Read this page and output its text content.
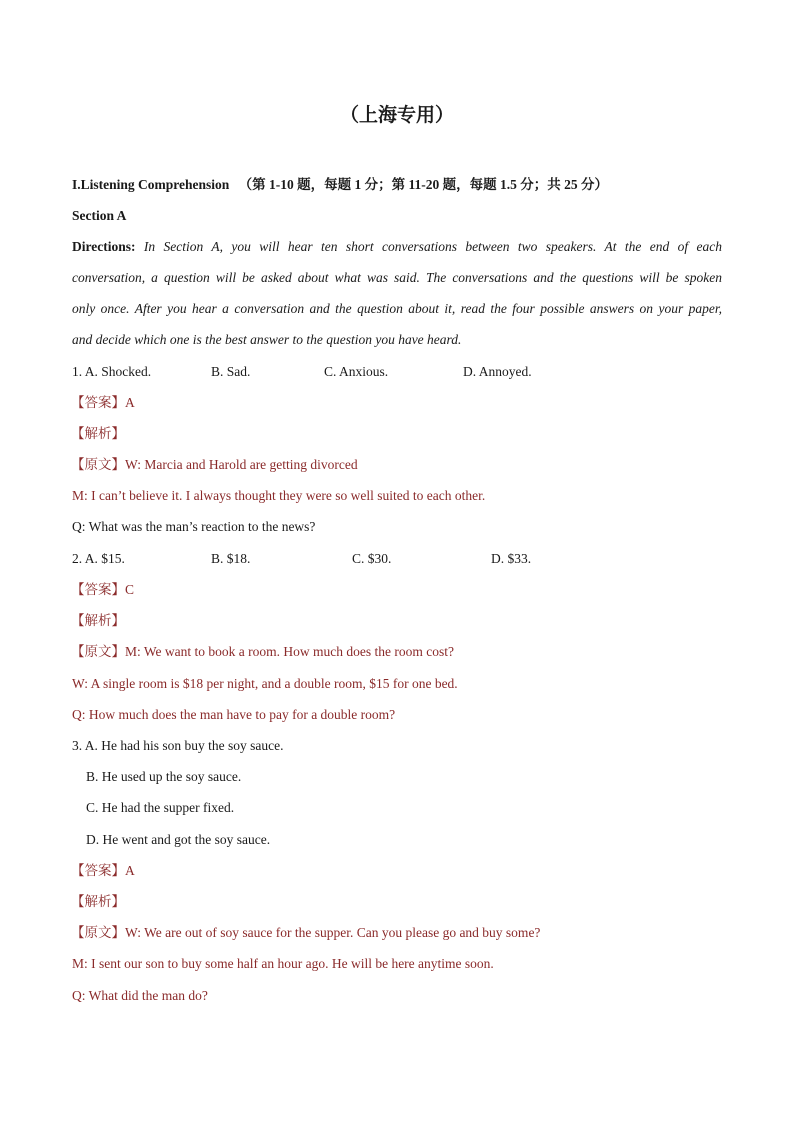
（上海专用）
I.Listening Comprehension （第 1-10 题，每题 1 分；第 11-20 题，每题 1.5 分；共 25 分）
Section A
Directions: In Section A, you will hear ten short conversations between two speakers. At the end of each
conversation, a question will be asked about what was said. The conversations and the questions will be spoken
only once. After you hear a conversation and the question about it, read the four possible answers on your paper,
and decide which one is the best answer to the question you have heard.
1. A. Shocked.	B. Sad.	C. Anxious.	D. Annoyed.
【答案】A
【解析】
【原文】W: Marcia and Harold are getting divorced
M: I can’t believe it. I always thought they were so well suited to each other.
Q: What was the man’s reaction to the news?
2. A. $15.	B. $18.	C. $30.	D. $33.
【答案】C
【解析】
【原文】M: We want to book a room. How much does the room cost?
W: A single room is $18 per night, and a double room, $15 for one bed.
Q: How much does the man have to pay for a double room?
3. A. He had his son buy the soy sauce.
B. He used up the soy sauce.
C. He had the supper fixed.
D. He went and got the soy sauce.
【答案】A
【解析】
【原文】W: We are out of soy sauce for the supper. Can you please go and buy some?
M: I sent our son to buy some half an hour ago. He will be here anytime soon.
Q: What did the man do?
